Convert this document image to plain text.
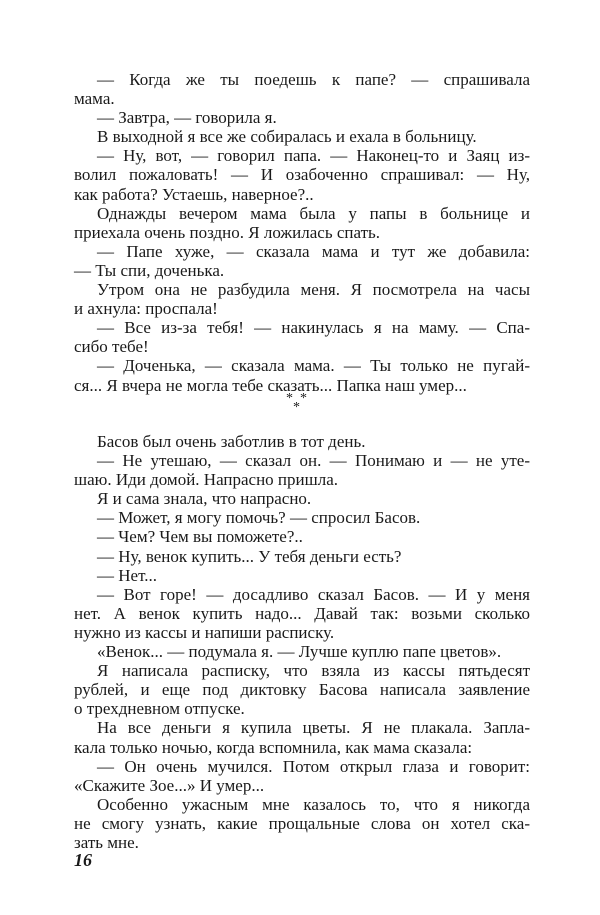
— Когда же ты поедешь к папе? — спрашивала
мама.
— Завтра, — говорила я.
В выходной я все же собиралась и ехала в больницу.
— Ну, вот, — говорил папа. — Наконец-то и Заяц из-
волил пожаловать! — И озабоченно спрашивал: — Ну,
как работа? Устаешь, наверное?..
Однажды вечером мама была у папы в больнице и
приехала очень поздно. Я ложилась спать.
— Папе хуже, — сказала мама и тут же добавила:
— Ты спи, доченька.
Утром она не разбудила меня. Я посмотрела на часы
и ахнула: проспала!
— Все из-за тебя! — накинулась я на маму. — Спа-
сибо тебе!
— Доченька, — сказала мама. — Ты только не пугай-
ся... Я вчера не могла тебе сказать... Папка наш умер...
* *
*
Басов был очень заботлив в тот день.
— Не утешаю, — сказал он. — Понимаю и — не уте-
шаю. Иди домой. Напрасно пришла.
Я и сама знала, что напрасно.
— Может, я могу помочь? — спросил Басов.
— Чем? Чем вы поможете?..
— Ну, венок купить... У тебя деньги есть?
— Нет...
— Вот горе! — досадливо сказал Басов. — И у меня
нет. А венок купить надо... Давай так: возьми сколько
нужно из кассы и напиши расписку.
«Венок... — подумала я. — Лучше куплю папе цветов».
Я написала расписку, что взяла из кассы пятьдесят
рублей, и еще под диктовку Басова написала заявление
о трехдневном отпуске.
На все деньги я купила цветы. Я не плакала. Запла-
кала только ночью, когда вспомнила, как мама сказала:
— Он очень мучился. Потом открыл глаза и говорит:
«Скажите Зое...» И умер...
Особенно ужасным мне казалось то, что я никогда
не смогу узнать, какие прощальные слова он хотел ска-
зать мне.
16
